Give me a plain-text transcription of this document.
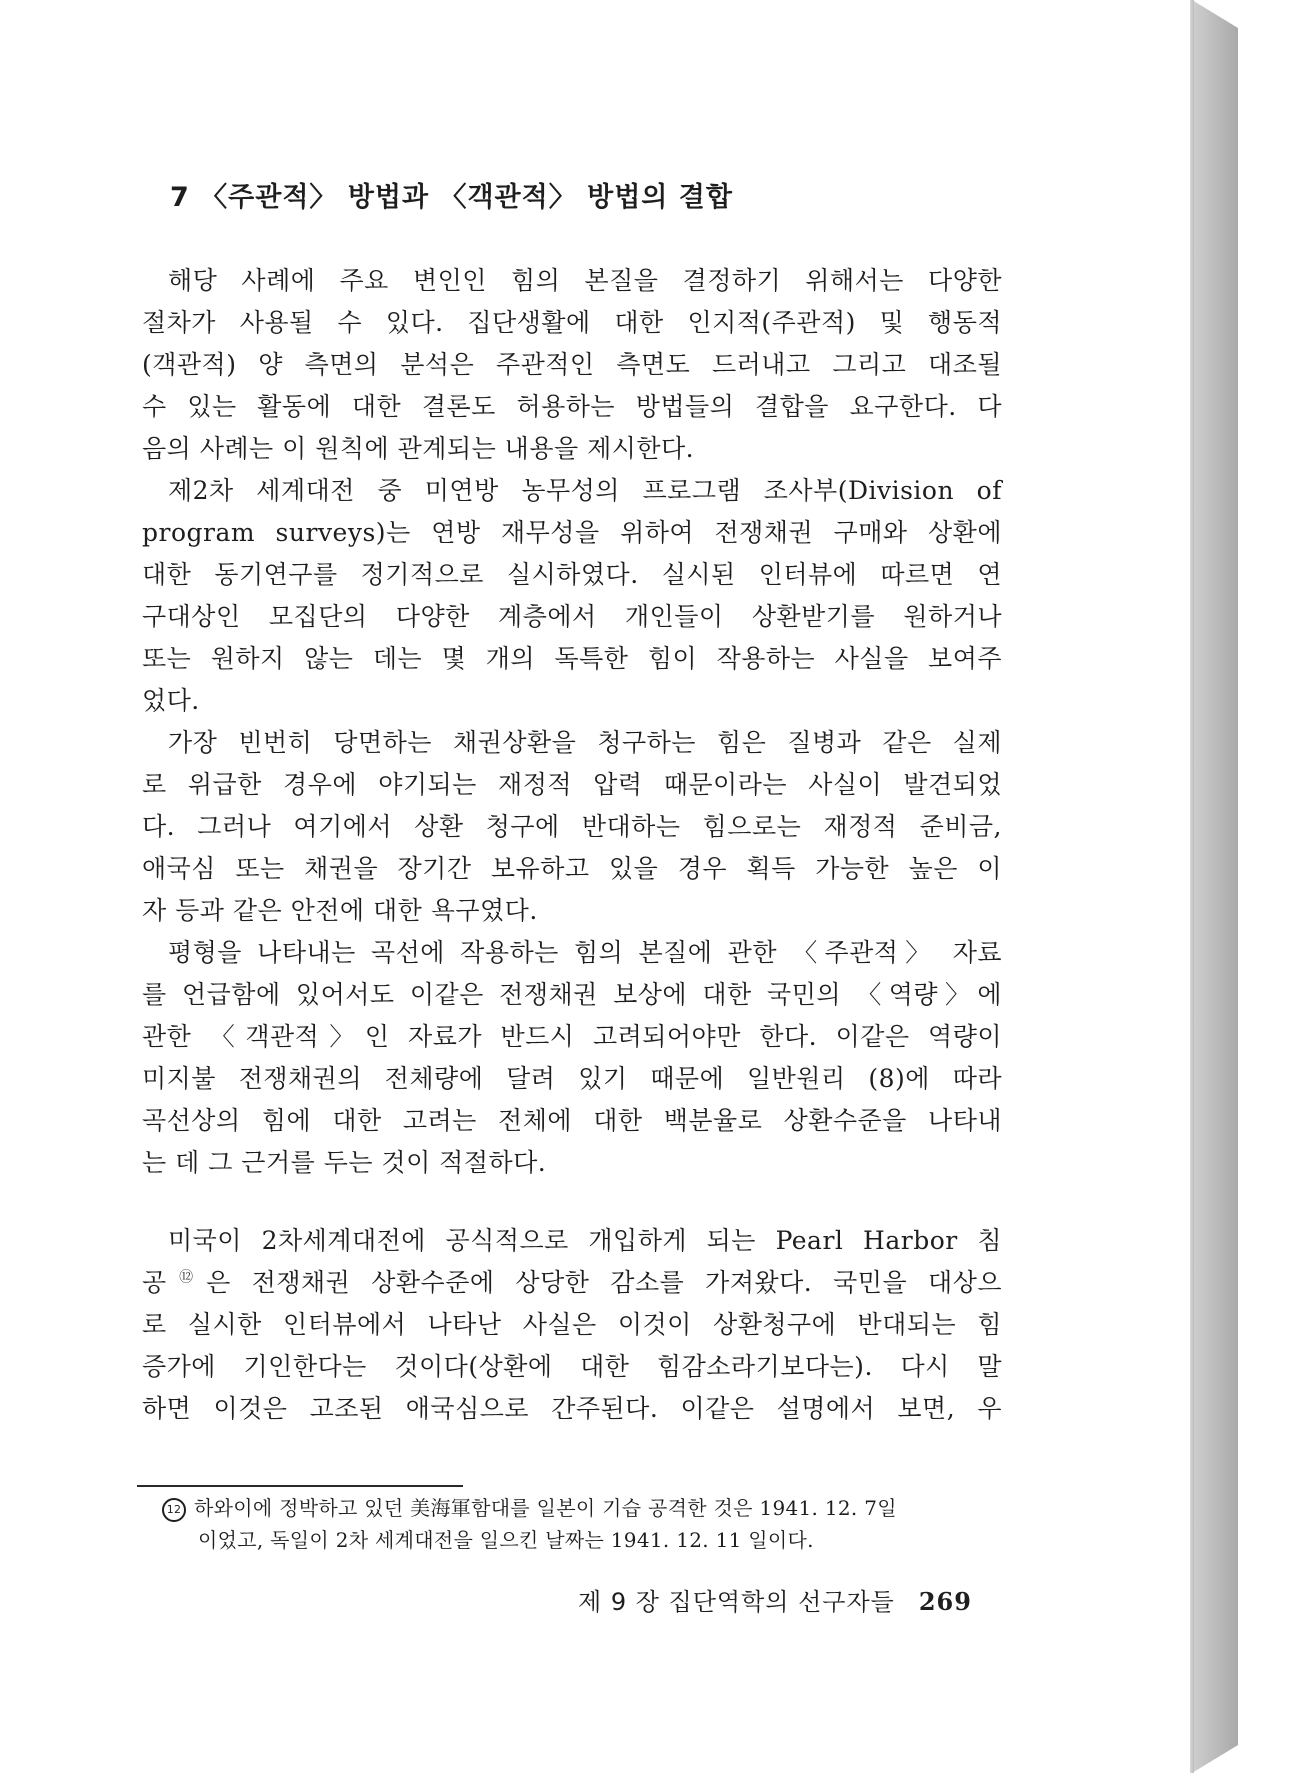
7 〈주관적〉 방법과 〈객관적〉 방법의 결합
해당 사례에 주요 변인인 힘의 본질을 결정하기 위해서는 다양한
절차가 사용될 수 있다. 집단생활에 대한 인지적(주관적) 및 행동적
(객관적) 양 측면의 분석은 주관적인 측면도 드러내고 그리고 대조될
수 있는 활동에 대한 결론도 허용하는 방법들의 결합을 요구한다. 다
음의 사례는 이 원칙에 관계되는 내용을 제시한다.
제2차 세계대전 중 미연방 농무성의 프로그램 조사부(Division of
program surveys)는 연방 재무성을 위하여 전쟁채권 구매와 상환에
대한 동기연구를 정기적으로 실시하였다. 실시된 인터뷰에 따르면 연
구대상인 모집단의 다양한 계층에서 개인들이 상환받기를 원하거나
또는 원하지 않는 데는 몇 개의 독특한 힘이 작용하는 사실을 보여주
었다.
가장 빈번히 당면하는 채권상환을 청구하는 힘은 질병과 같은 실제
로 위급한 경우에 야기되는 재정적 압력 때문이라는 사실이 발견되었
다. 그러나 여기에서 상환 청구에 반대하는 힘으로는 재정적 준비금,
애국심 또는 채권을 장기간 보유하고 있을 경우 획득 가능한 높은 이
자 등과 같은 안전에 대한 욕구였다.
평형을 나타내는 곡선에 작용하는 힘의 본질에 관한 〈주관적〉 자료
를 언급함에 있어서도 이같은 전쟁채권 보상에 대한 국민의 〈역량〉에
관한 〈객관적〉인 자료가 반드시 고려되어야만 한다. 이같은 역량이
미지불 전쟁채권의 전체량에 달려 있기 때문에 일반원리 (8)에 따라
곡선상의 힘에 대한 고려는 전체에 대한 백분율로 상환수준을 나타내
는 데 그 근거를 두는 것이 적절하다.
미국이 2차세계대전에 공식적으로 개입하게 되는 Pearl Harbor 침
공⑫은 전쟁채권 상환수준에 상당한 감소를 가져왔다. 국민을 대상으
로 실시한 인터뷰에서 나타난 사실은 이것이 상환청구에 반대되는 힘
증가에 기인한다는 것이다(상환에 대한 힘감소라기보다는). 다시 말
하면 이것은 고조된 애국심으로 간주된다. 이같은 설명에서 보면, 우
12 하와이에 정박하고 있던 美海軍함대를 일본이 기습 공격한 것은 1941. 12. 7일
이었고, 독일이 2차 세계대전을 일으킨 날짜는 1941. 12. 11 일이다.
제 9 장 집단역학의 선구자들 269
